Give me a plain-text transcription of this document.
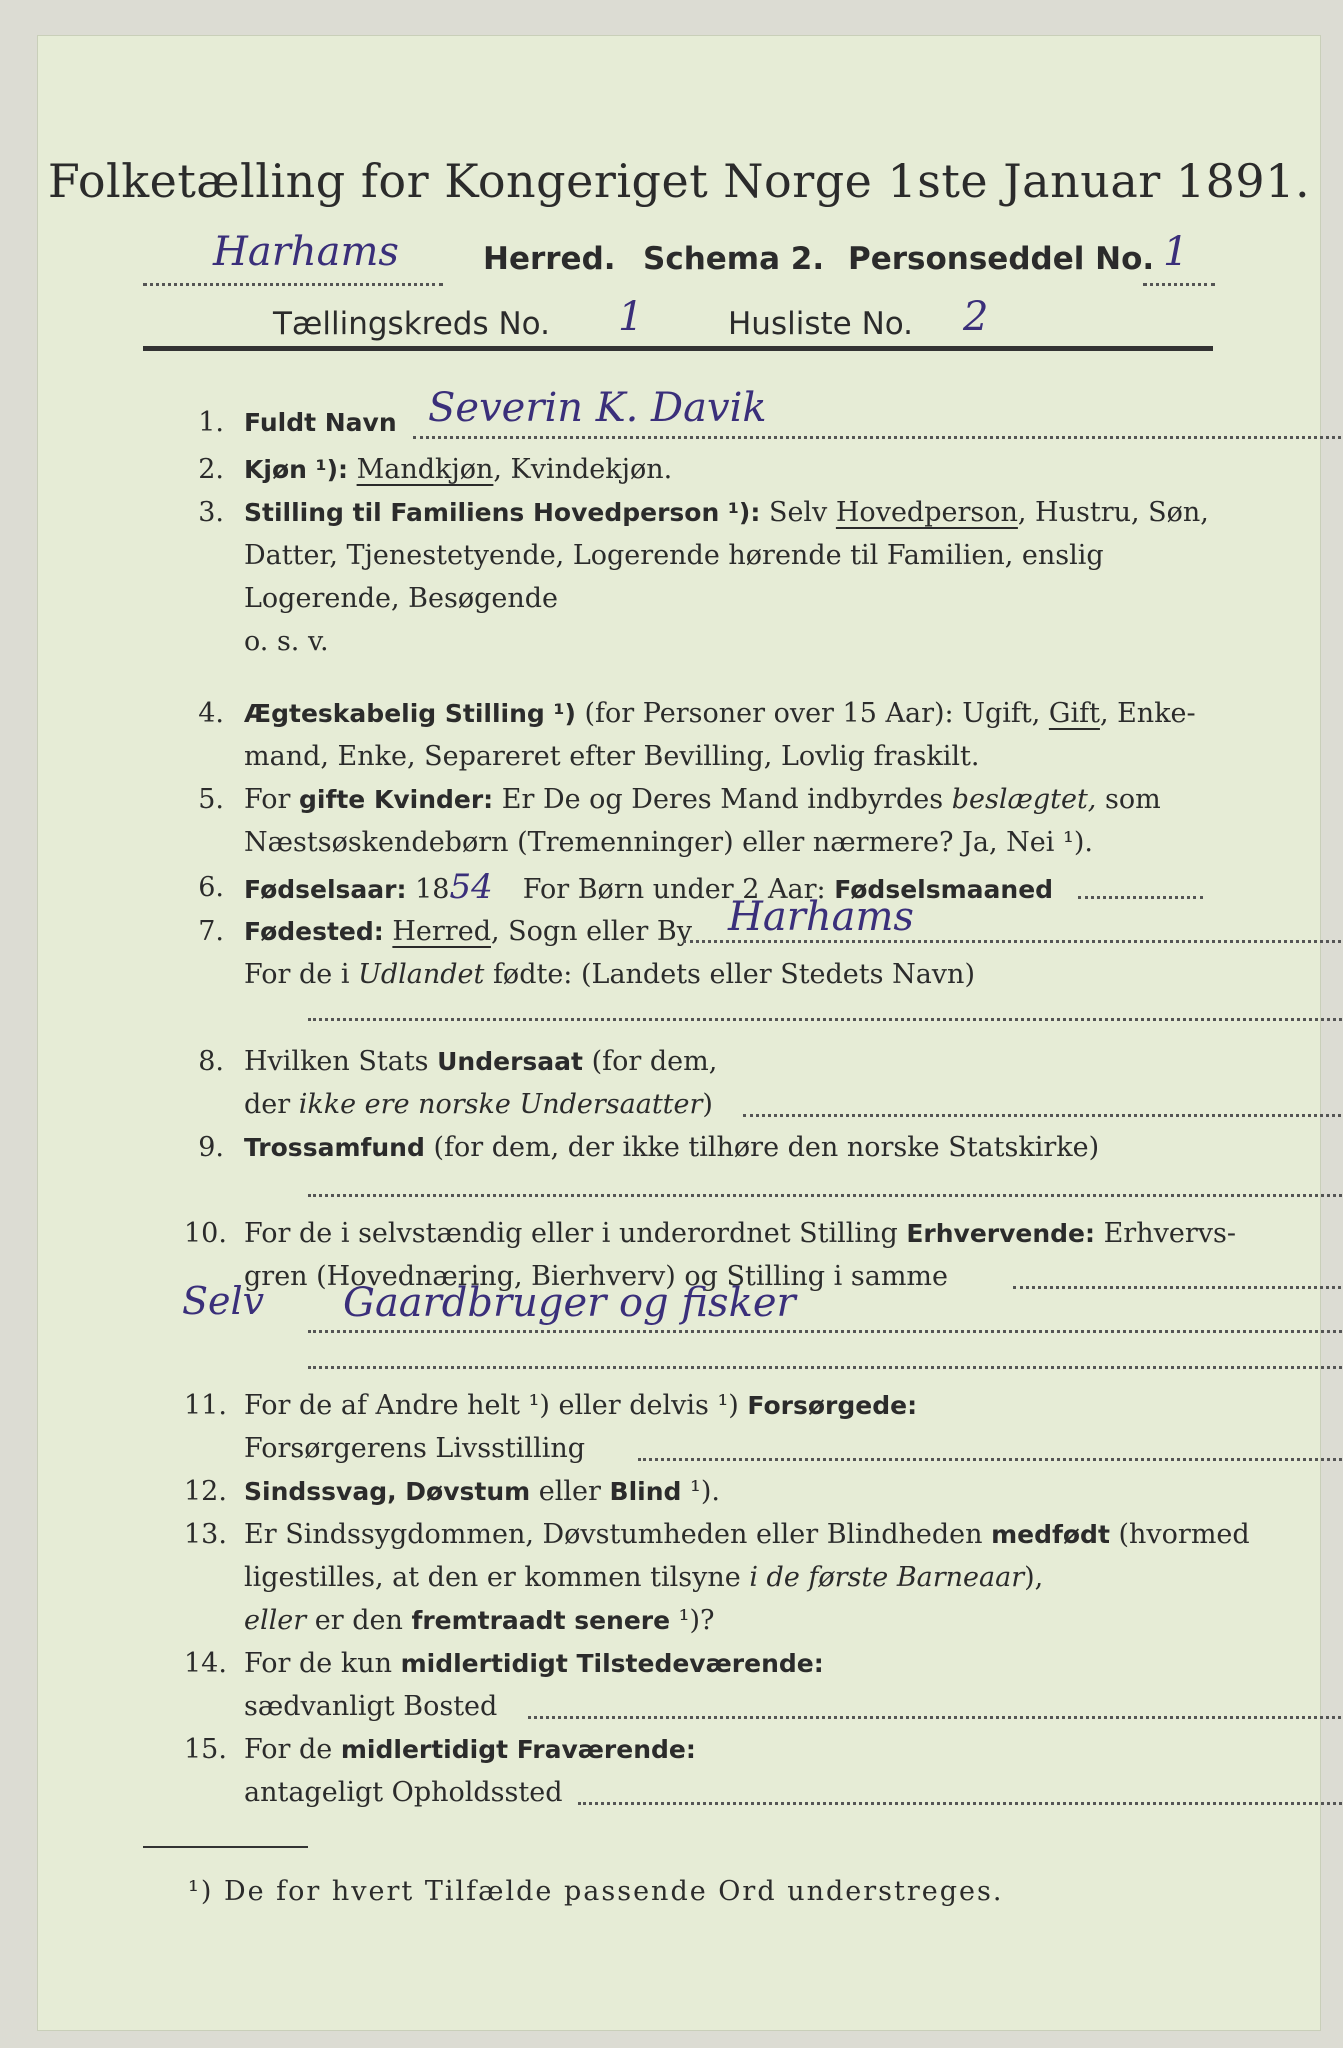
Folketælling for Kongeriget Norge 1ste Januar 1891.
Harhams	Herred. Schema 2. Personseddel No. 1
Tællingskreds No. 1	Husliste No. 2
1. Fuldt Navn Severin K. Davik
2. Kjøn ¹): Mandkjøn, Kvindekjøn.
3. Stilling til Familiens Hovedperson ¹): Selv Hovedperson, Hustru, Søn,
Datter, Tjenestetyende, Logerende hørende til Familien, enslig
Logerende, Besøgende
o. s. v.
4. Ægteskabelig Stilling ¹) (for Personer over 15 Aar): Ugift, Gift, Enke-
mand, Enke, Separeret efter Bevilling, Lovlig fraskilt.
5. For gifte Kvinder: Er De og Deres Mand indbyrdes beslægtet, som
Næstsøskendebørn (Tremenninger) eller nærmere? Ja, Nei ¹).
6. Fødselsaar: 1854 For Børn under 2 Aar: Fødselsmaaned
7. Fødested: Herred, Sogn eller By Harhams
For de i Udlandet fødte: (Landets eller Stedets Navn)
8. Hvilken Stats Undersaat (for dem,
der ikke ere norske Undersaatter)
9. Trossamfund (for dem, der ikke tilhøre den norske Statskirke)
10. For de i selvstændig eller i underordnet Stilling Erhvervende: Erhvervs-
gren (Hovednæring, Bierhverv) og Stilling i samme
Selv Gaardbruger og fisker
11. For de af Andre helt ¹) eller delvis ¹) Forsørgede:
Forsørgerens Livsstilling
12. Sindssvag, Døvstum eller Blind ¹).
13. Er Sindssygdommen, Døvstumheden eller Blindheden medfødt (hvormed
ligestilles, at den er kommen tilsyne i de første Barneaar),
eller er den fremtraadt senere ¹)?
14. For de kun midlertidigt Tilstedeværende:
sædvanligt Bosted
15. For de midlertidigt Fraværende:
antageligt Opholdssted
¹) De for hvert Tilfælde passende Ord understreges.
